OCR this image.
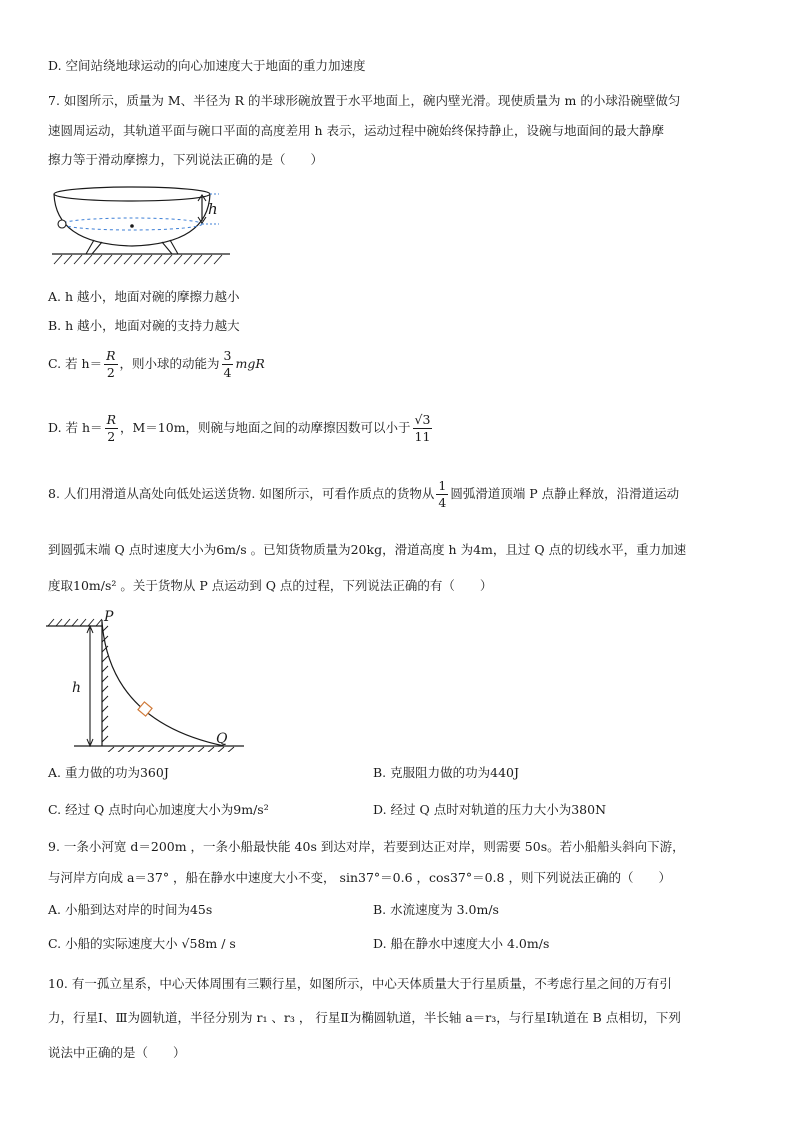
D. 空间站绕地球运动的向心加速度大于地面的重力加速度
7. 如图所示，质量为 M、半径为 R 的半球形碗放置于水平地面上，碗内壁光滑。现使质量为 m 的小球沿碗壁做匀
速圆周运动，其轨道平面与碗口平面的高度差用 h 表示，运动过程中碗始终保持静止，设碗与地面间的最大静摩
擦力等于滑动摩擦力，下列说法正确的是（　　）
h
A. h 越小，地面对碗的摩擦力越小
B. h 越小，地面对碗的支持力越大
C. 若 $h= \frac{R}{2}$ ，则小球的动能为 $\frac{3}{4}$ mgR
D. 若 $h= \frac{R}{2}$ ，M＝10m，则碗与地面之间的动摩擦因数可以小于 $\frac{√3}{11}$
8. 人们用滑道从高处向低处运送货物. 如图所示，可看作质点的货物从 $\frac{1}{4}$ 圆弧滑道顶端 P 点静止释放，沿滑道运动
到圆弧末端 Q 点时速度大小为6m/s 。已知货物质量为20kg，滑道高度 h 为4m，且过 Q 点的切线水平，重力加速
度取10m/s² 。关于货物从 P 点运动到 Q 点的过程，下列说法正确的有（　　）
P
h
Q
A. 重力做的功为360J	B. 克服阻力做的功为440J
C. 经过 Q 点时向心加速度大小为9m/s²	D. 经过 Q 点时对轨道的压力大小为380N
9. 一条小河宽 d＝200m ，一条小船最快能 40s 到达对岸，若要到达正对岸，则需要 50s。若小船船头斜向下游，
与河岸方向成 a＝37° ，船在静水中速度大小不变， sin37°＝0.6 ，cos37°＝0.8 ，则下列说法正确的（　　）
A. 小船到达对岸的时间为45s	B. 水流速度为 3.0m/s
C. 小船的实际速度大小 √58m / s	D. 船在静水中速度大小 4.0m/s
10. 有一孤立星系，中心天体周围有三颗行星，如图所示，中心天体质量大于行星质量，不考虑行星之间的万有引
力，行星Ⅰ、Ⅲ为圆轨道，半径分别为 r₁ 、r₃ ， 行星Ⅱ为椭圆轨道，半长轴 a＝r₃，与行星Ⅰ轨道在 B 点相切，下列
说法中正确的是（　　）
